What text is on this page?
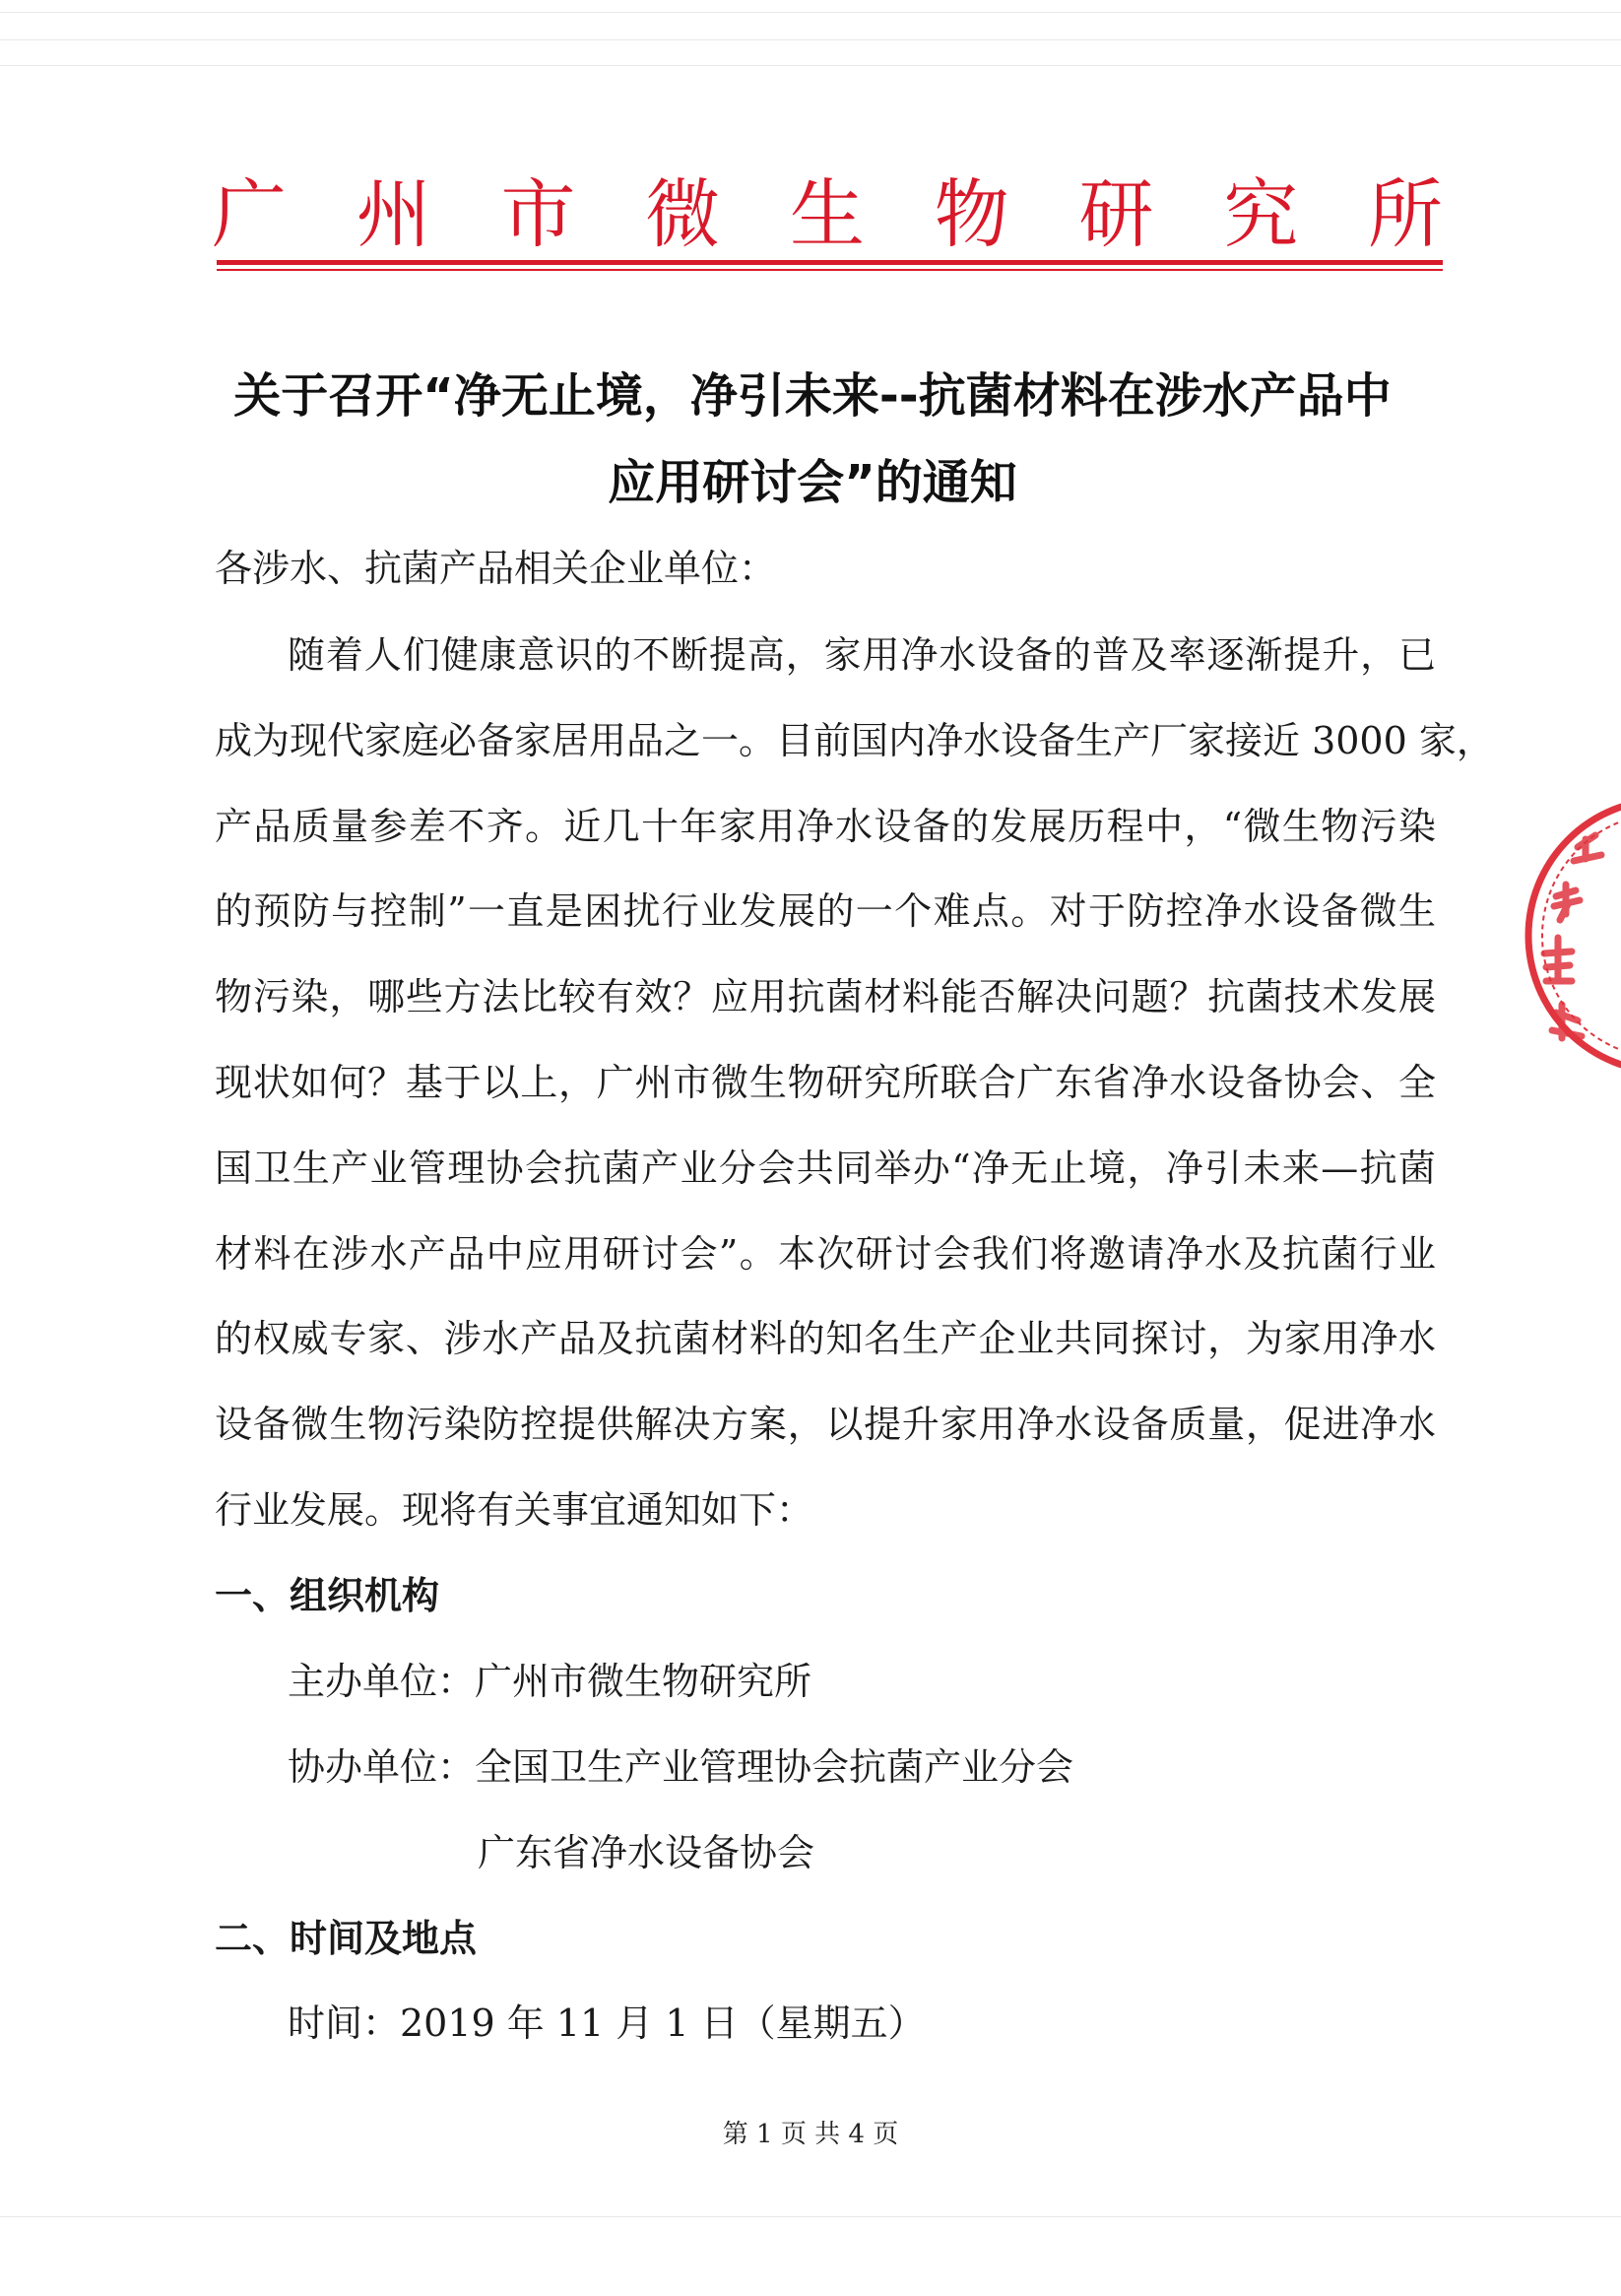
广 州 市 微 生 物 研 究 所
关于召开“净无止境，净引未来--抗菌材料在涉水产品中
应用研讨会”的通知
各涉水、抗菌产品相关企业单位：
随着人们健康意识的不断提高，家用净水设备的普及率逐渐提升，已
成为现代家庭必备家居用品之一。目前国内净水设备生产厂家接近 3000 家，
产品质量参差不齐。近几十年家用净水设备的发展历程中，“微生物污染
的预防与控制”一直是困扰行业发展的一个难点。对于防控净水设备微生
物污染，哪些方法比较有效？应用抗菌材料能否解决问题？抗菌技术发展
现状如何？基于以上，广州市微生物研究所联合广东省净水设备协会、全
国卫生产业管理协会抗菌产业分会共同举办“净无止境，净引未来—抗菌
材料在涉水产品中应用研讨会”。本次研讨会我们将邀请净水及抗菌行业
的权威专家、涉水产品及抗菌材料的知名生产企业共同探讨，为家用净水
设备微生物污染防控提供解决方案，以提升家用净水设备质量，促进净水
行业发展。现将有关事宜通知如下：
一、组织机构
主办单位：广州市微生物研究所
协办单位：全国卫生产业管理协会抗菌产业分会
广东省净水设备协会
二、时间及地点
时间：2019 年 11 月 1 日（星期五）
第 1 页 共 4 页
